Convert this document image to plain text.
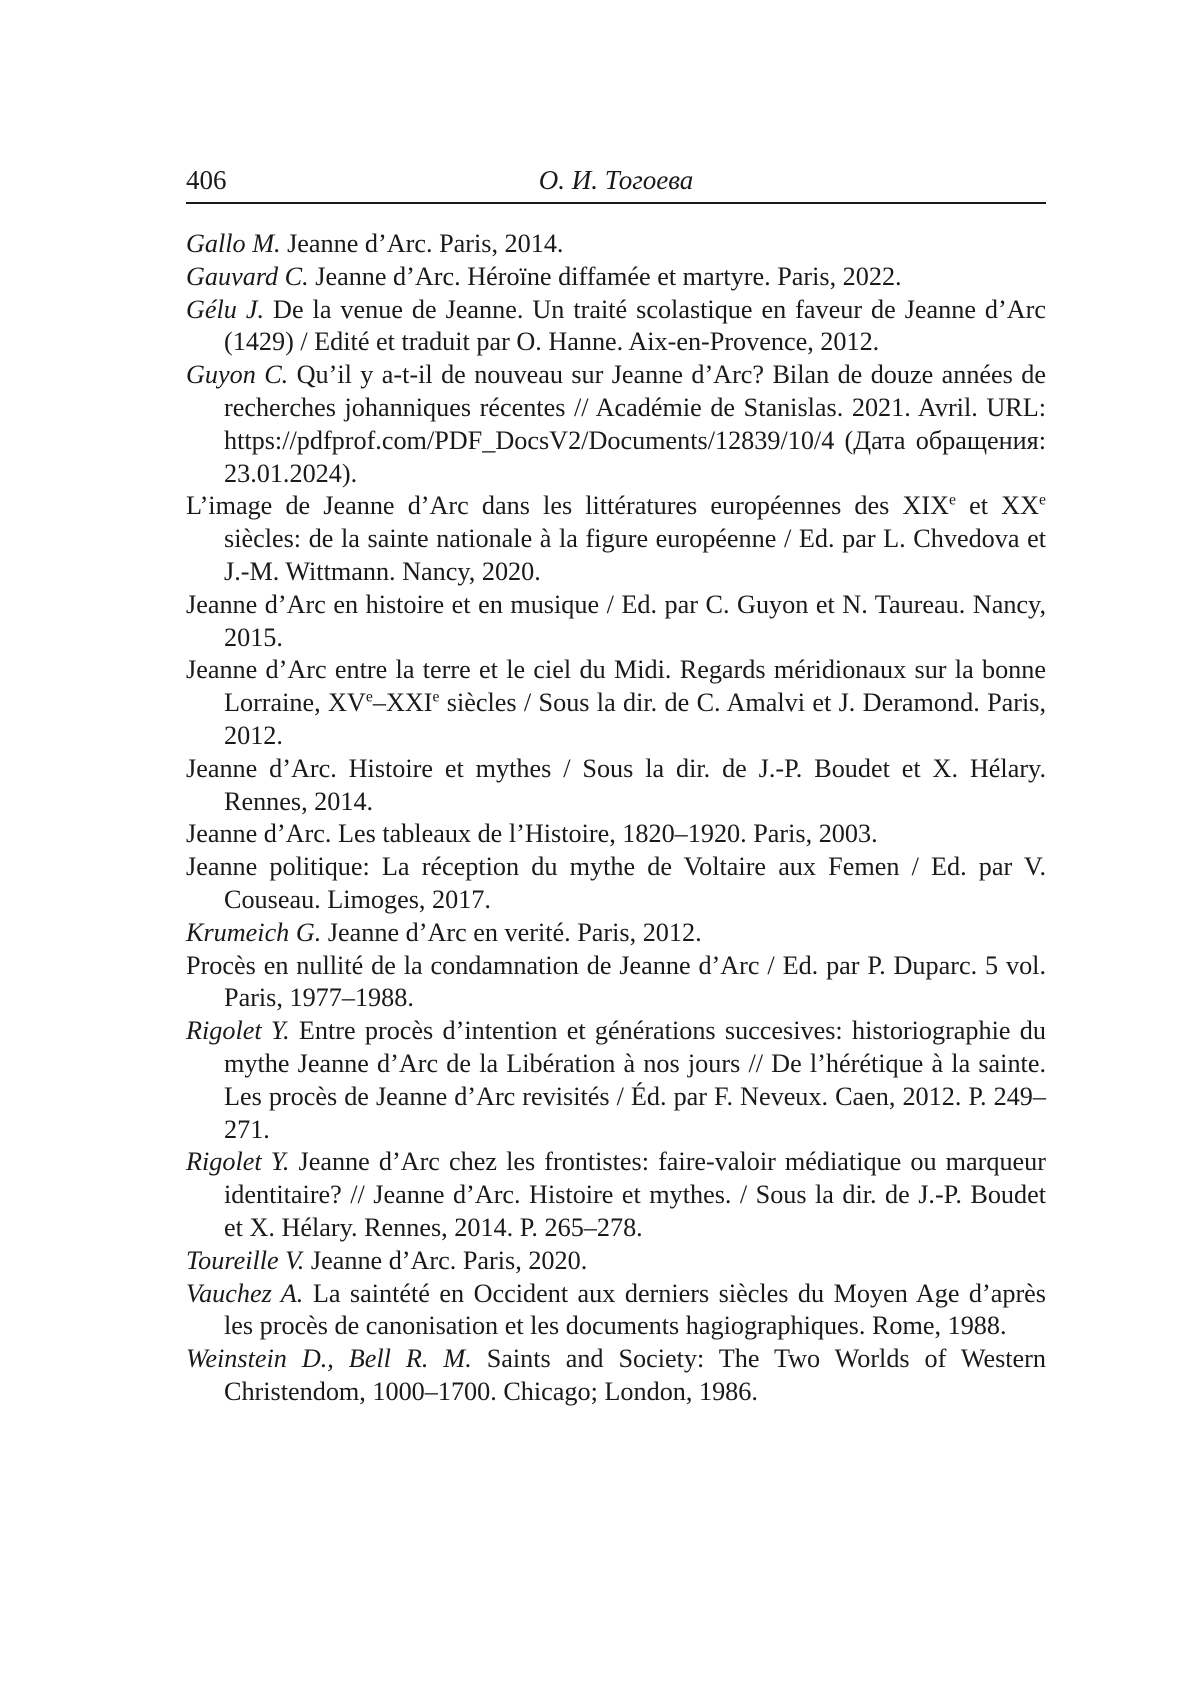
406	О. И. Тогоева
Gallo M. Jeanne d’Arc. Paris, 2014.
Gauvard C. Jeanne d’Arc. Héroïne diffamée et martyre. Paris, 2022.
Gélu J. De la venue de Jeanne. Un traité scolastique en faveur de Jeanne d’Arc (1429) / Edité et traduit par O. Hanne. Aix-en-Provence, 2012.
Guyon C. Qu’il y a-t-il de nouveau sur Jeanne d’Arc? Bilan de douze années de recherches johanniques récentes // Académie de Stanislas. 2021. Avril. URL: https://pdfprof.com/PDF_DocsV2/Documents/12839/10/4 (Дата обращения: 23.01.2024).
L’image de Jeanne d’Arc dans les littératures européennes des XIXe et XXe siècles: de la sainte nationale à la figure européenne / Ed. par L. Chvedova et J.-M. Wittmann. Nancy, 2020.
Jeanne d’Arc en histoire et en musique / Ed. par C. Guyon et N. Taureau. Nancy, 2015.
Jeanne d’Arc entre la terre et le ciel du Midi. Regards méridionaux sur la bonne Lorraine, XVe–XXIe siècles / Sous la dir. de C. Amalvi et J. Deramond. Paris, 2012.
Jeanne d’Arc. Histoire et mythes / Sous la dir. de J.-P. Boudet et X. Hélary. Rennes, 2014.
Jeanne d’Arc. Les tableaux de l’Histoire, 1820–1920. Paris, 2003.
Jeanne politique: La réception du mythe de Voltaire aux Femen / Ed. par V. Couseau. Limoges, 2017.
Krumeich G. Jeanne d’Arc en verité. Paris, 2012.
Procès en nullité de la condamnation de Jeanne d’Arc / Ed. par P. Duparc. 5 vol. Paris, 1977–1988.
Rigolet Y. Entre procès d’intention et générations succesives: historiographie du mythe Jeanne d’Arc de la Libération à nos jours // De l’hérétique à la sainte. Les procès de Jeanne d’Arc revisités / Éd. par F. Neveux. Caen, 2012. P. 249–271.
Rigolet Y. Jeanne d’Arc chez les frontistes: faire-valoir médiatique ou marqueur identitaire? // Jeanne d’Arc. Histoire et mythes. / Sous la dir. de J.-P. Boudet et X. Hélary. Rennes, 2014. P. 265–278.
Toureille V. Jeanne d’Arc. Paris, 2020.
Vauchez A. La saintété en Occident aux derniers siècles du Moyen Age d’après les procès de canonisation et les documents hagiographiques. Rome, 1988.
Weinstein D., Bell R. M. Saints and Society: The Two Worlds of Western Christendom, 1000–1700. Chicago; London, 1986.
